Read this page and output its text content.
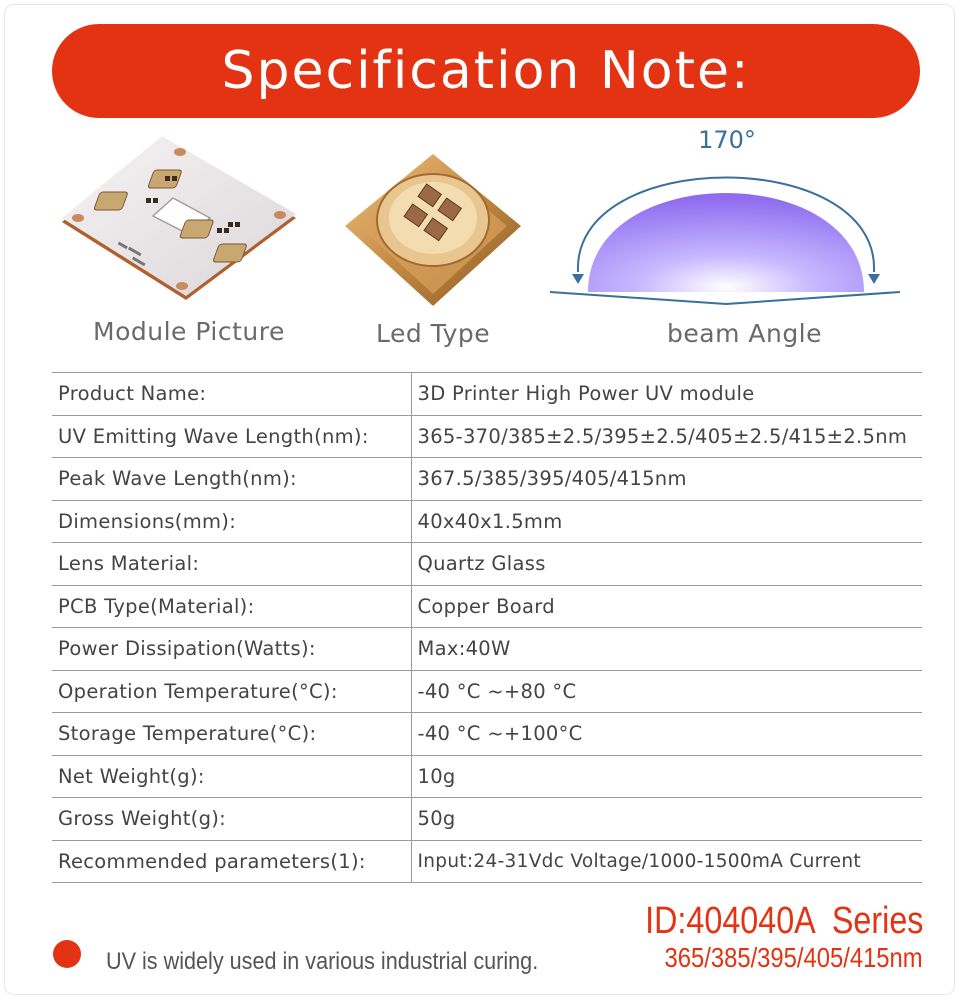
Specification Note:
170°
Module Picture	Led Type	beam Angle
Product Name:	3D Printer High Power UV module
UV Emitting Wave Length(nm):	365-370/385±2.5/395±2.5/405±2.5/415±2.5nm
Peak Wave Length(nm):	367.5/385/395/405/415nm
Dimensions(mm):	40x40x1.5mm
Lens Material:	Quartz Glass
PCB Type(Material):	Copper Board
Power Dissipation(Watts):	Max:40W
Operation Temperature(°C):	-40 °C ~+80 °C
Storage Temperature(°C):	-40 °C ~+100°C
Net Weight(g):	10g
Gross Weight(g):	50g
Recommended parameters(1):	Input:24-31Vdc Voltage/1000-1500mA Current
UV is widely used in various industrial curing.
ID:404040A  Series
365/385/395/405/415nm
